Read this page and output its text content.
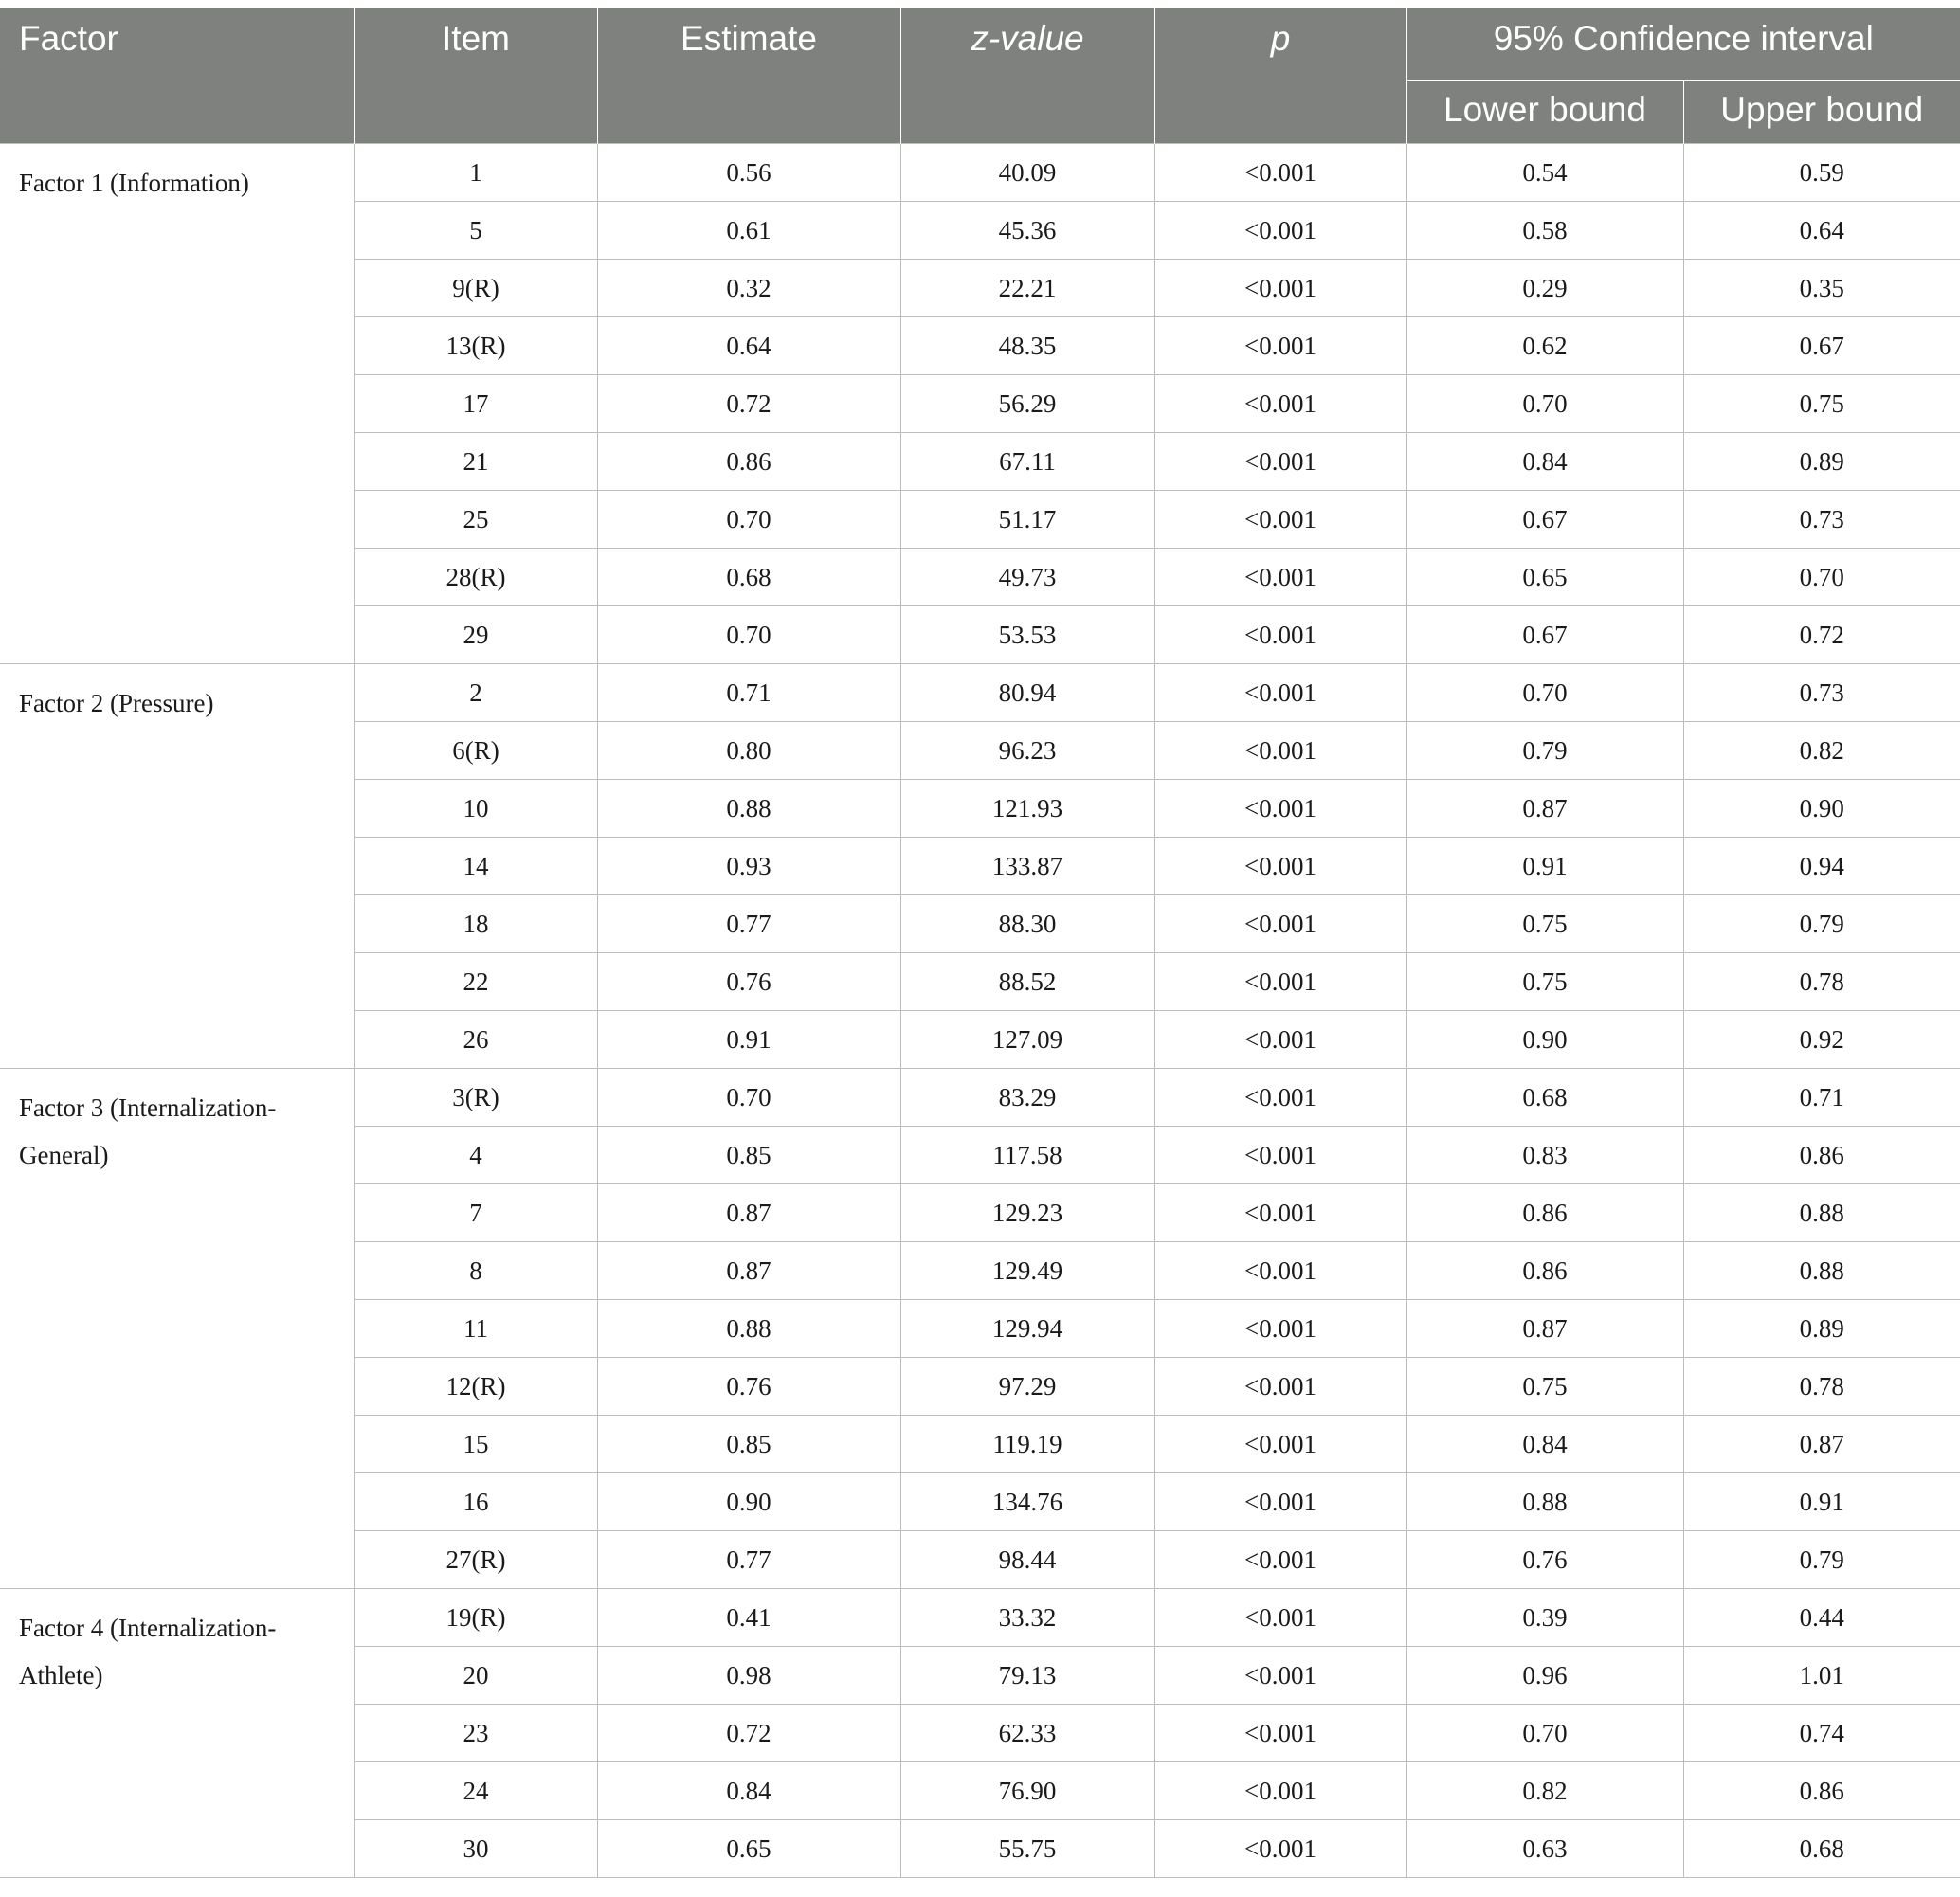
Factor	Item	Estimate	z-value	p	95% Confidence interval	
					Lower bound	Upper bound
Factor 1 (Information)	1	0.56	40.09	<0.001	0.54	0.59
	5	0.61	45.36	<0.001	0.58	0.64
	9(R)	0.32	22.21	<0.001	0.29	0.35
	13(R)	0.64	48.35	<0.001	0.62	0.67
	17	0.72	56.29	<0.001	0.70	0.75
	21	0.86	67.11	<0.001	0.84	0.89
	25	0.70	51.17	<0.001	0.67	0.73
	28(R)	0.68	49.73	<0.001	0.65	0.70
	29	0.70	53.53	<0.001	0.67	0.72
Factor 2 (Pressure)	2	0.71	80.94	<0.001	0.70	0.73
	6(R)	0.80	96.23	<0.001	0.79	0.82
	10	0.88	121.93	<0.001	0.87	0.90
	14	0.93	133.87	<0.001	0.91	0.94
	18	0.77	88.30	<0.001	0.75	0.79
	22	0.76	88.52	<0.001	0.75	0.78
	26	0.91	127.09	<0.001	0.90	0.92
Factor 3 (Internalization-General)	3(R)	0.70	83.29	<0.001	0.68	0.71
	4	0.85	117.58	<0.001	0.83	0.86
	7	0.87	129.23	<0.001	0.86	0.88
	8	0.87	129.49	<0.001	0.86	0.88
	11	0.88	129.94	<0.001	0.87	0.89
	12(R)	0.76	97.29	<0.001	0.75	0.78
	15	0.85	119.19	<0.001	0.84	0.87
	16	0.90	134.76	<0.001	0.88	0.91
	27(R)	0.77	98.44	<0.001	0.76	0.79
Factor 4 (Internalization-Athlete)	19(R)	0.41	33.32	<0.001	0.39	0.44
	20	0.98	79.13	<0.001	0.96	1.01
	23	0.72	62.33	<0.001	0.70	0.74
	24	0.84	76.90	<0.001	0.82	0.86
	30	0.65	55.75	<0.001	0.63	0.68
